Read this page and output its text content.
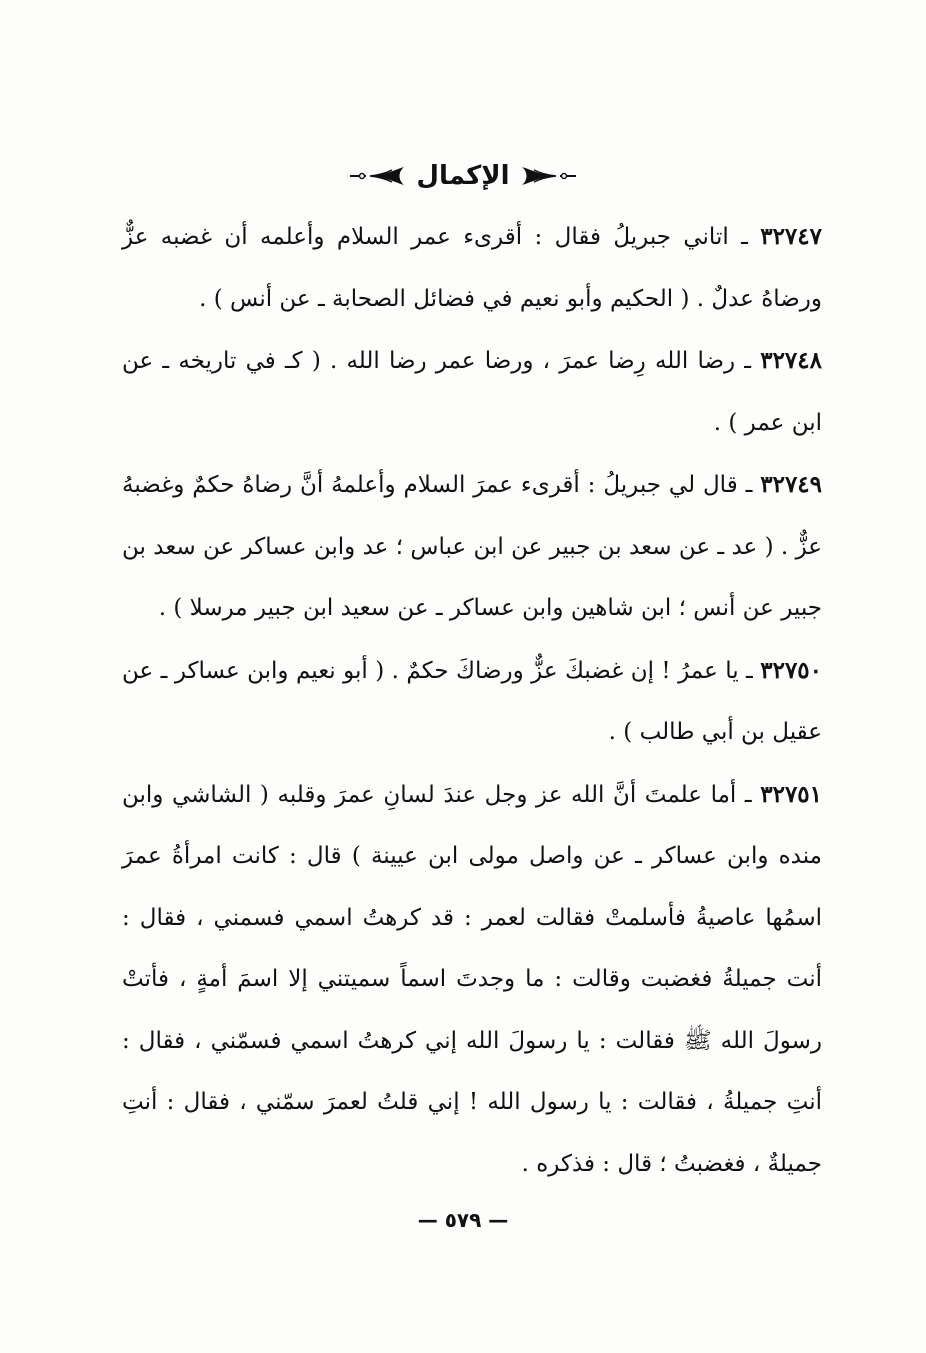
الإكمال

٣٢٧٤٧ ـ اتاني جبريلُ فقال : أقرىء عمر السلام وأعلمه أن غضبه عزٌّ ورضاهُ عدلٌ . ( الحكيم وأبو نعيم في فضائل الصحابة ـ عن أنس ) .

٣٢٧٤٨ ـ رضا الله رِضا عمرَ ، ورضا عمر رضا الله . ( كـ في تاريخه ـ عن ابن عمر ) .

٣٢٧٤٩ ـ قال لي جبريلُ : أقرىء عمرَ السلام وأعلمهُ أنَّ رضاهُ حكمٌ وغضبهُ عزٌّ . ( عد ـ عن سعد بن جبير عن ابن عباس ؛ عد وابن عساكر عن سعد بن جبير عن أنس ؛ ابن شاهين وابن عساكر ـ عن سعيد ابن جبير مرسلا ) .

٣٢٧٥٠ ـ يا عمرُ ! إن غضبكَ عزٌّ ورضاكَ حكمٌ . ( أبو نعيم وابن عساكر ـ عن عقيل بن أبي طالب ) .

٣٢٧٥١ ـ أما علمتَ أنَّ الله عز وجل عندَ لسانِ عمرَ وقلبه ( الشاشي وابن منده وابن عساكر ـ عن واصل مولى ابن عيينة ) قال : كانت امرأةُ عمرَ اسمُها عاصيةُ فأسلمتْ فقالت لعمر : قد كرهتُ اسمي فسمني ، فقال : أنت جميلةُ فغضبت وقالت : ما وجدتَ اسماً سميتني إلا اسمَ أمةٍ ، فأتتْ رسولَ الله ﷺ فقالت : يا رسولَ الله إني كرهتُ اسمي فسمّني ، فقال : أنتِ جميلةُ ، فقالت : يا رسول الله ! إني قلتُ لعمرَ سمّني ، فقال : أنتِ جميلةٌ ، فغضبتُ ؛ قال : فذكره .

— ٥٧٩ —
